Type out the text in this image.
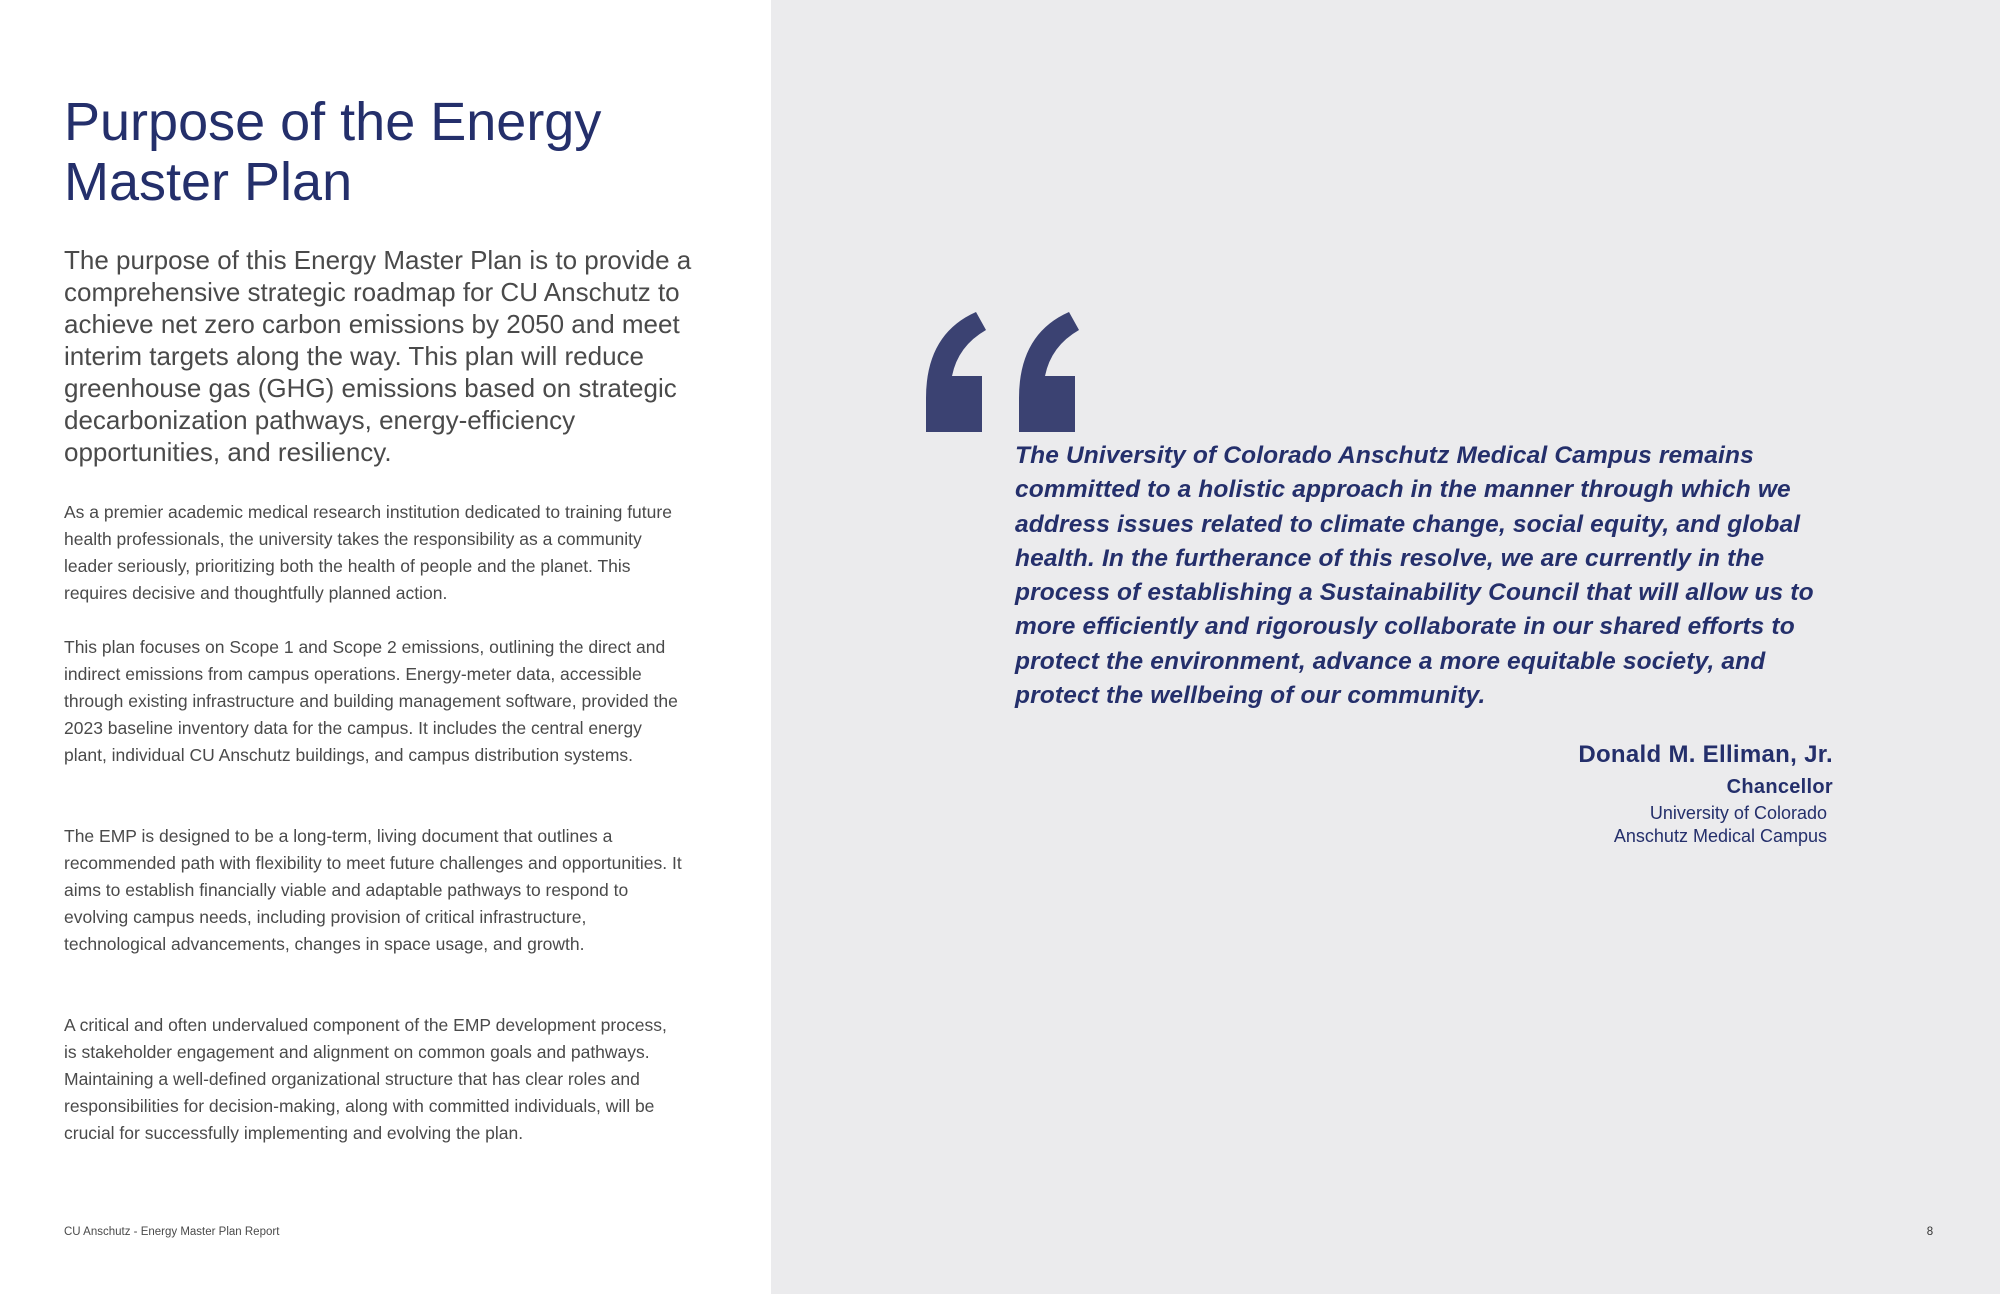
Purpose of the Energy Master Plan

The purpose of this Energy Master Plan is to provide a comprehensive strategic roadmap for CU Anschutz to achieve net zero carbon emissions by 2050 and meet interim targets along the way. This plan will reduce greenhouse gas (GHG) emissions based on strategic decarbonization pathways, energy-efficiency opportunities, and resiliency.

As a premier academic medical research institution dedicated to training future health professionals, the university takes the responsibility as a community leader seriously, prioritizing both the health of people and the planet. This requires decisive and thoughtfully planned action.

This plan focuses on Scope 1 and Scope 2 emissions, outlining the direct and indirect emissions from campus operations. Energy-meter data, accessible through existing infrastructure and building management software, provided the 2023 baseline inventory data for the campus. It includes the central energy plant, individual CU Anschutz buildings, and campus distribution systems.

The EMP is designed to be a long-term, living document that outlines a recommended path with flexibility to meet future challenges and opportunities. It aims to establish financially viable and adaptable pathways to respond to evolving campus needs, including provision of critical infrastructure, technological advancements, changes in space usage, and growth.

A critical and often undervalued component of the EMP development process, is stakeholder engagement and alignment on common goals and pathways. Maintaining a well-defined organizational structure that has clear roles and responsibilities for decision-making, along with committed individuals, will be crucial for successfully implementing and evolving the plan.

CU Anschutz - Energy Master Plan Report

The University of Colorado Anschutz Medical Campus remains committed to a holistic approach in the manner through which we address issues related to climate change, social equity, and global health. In the furtherance of this resolve, we are currently in the process of establishing a Sustainability Council that will allow us to more efficiently and rigorously collaborate in our shared efforts to protect the environment, advance a more equitable society, and protect the wellbeing of our community.

Donald M. Elliman, Jr.
Chancellor
University of Colorado
Anschutz Medical Campus
8
